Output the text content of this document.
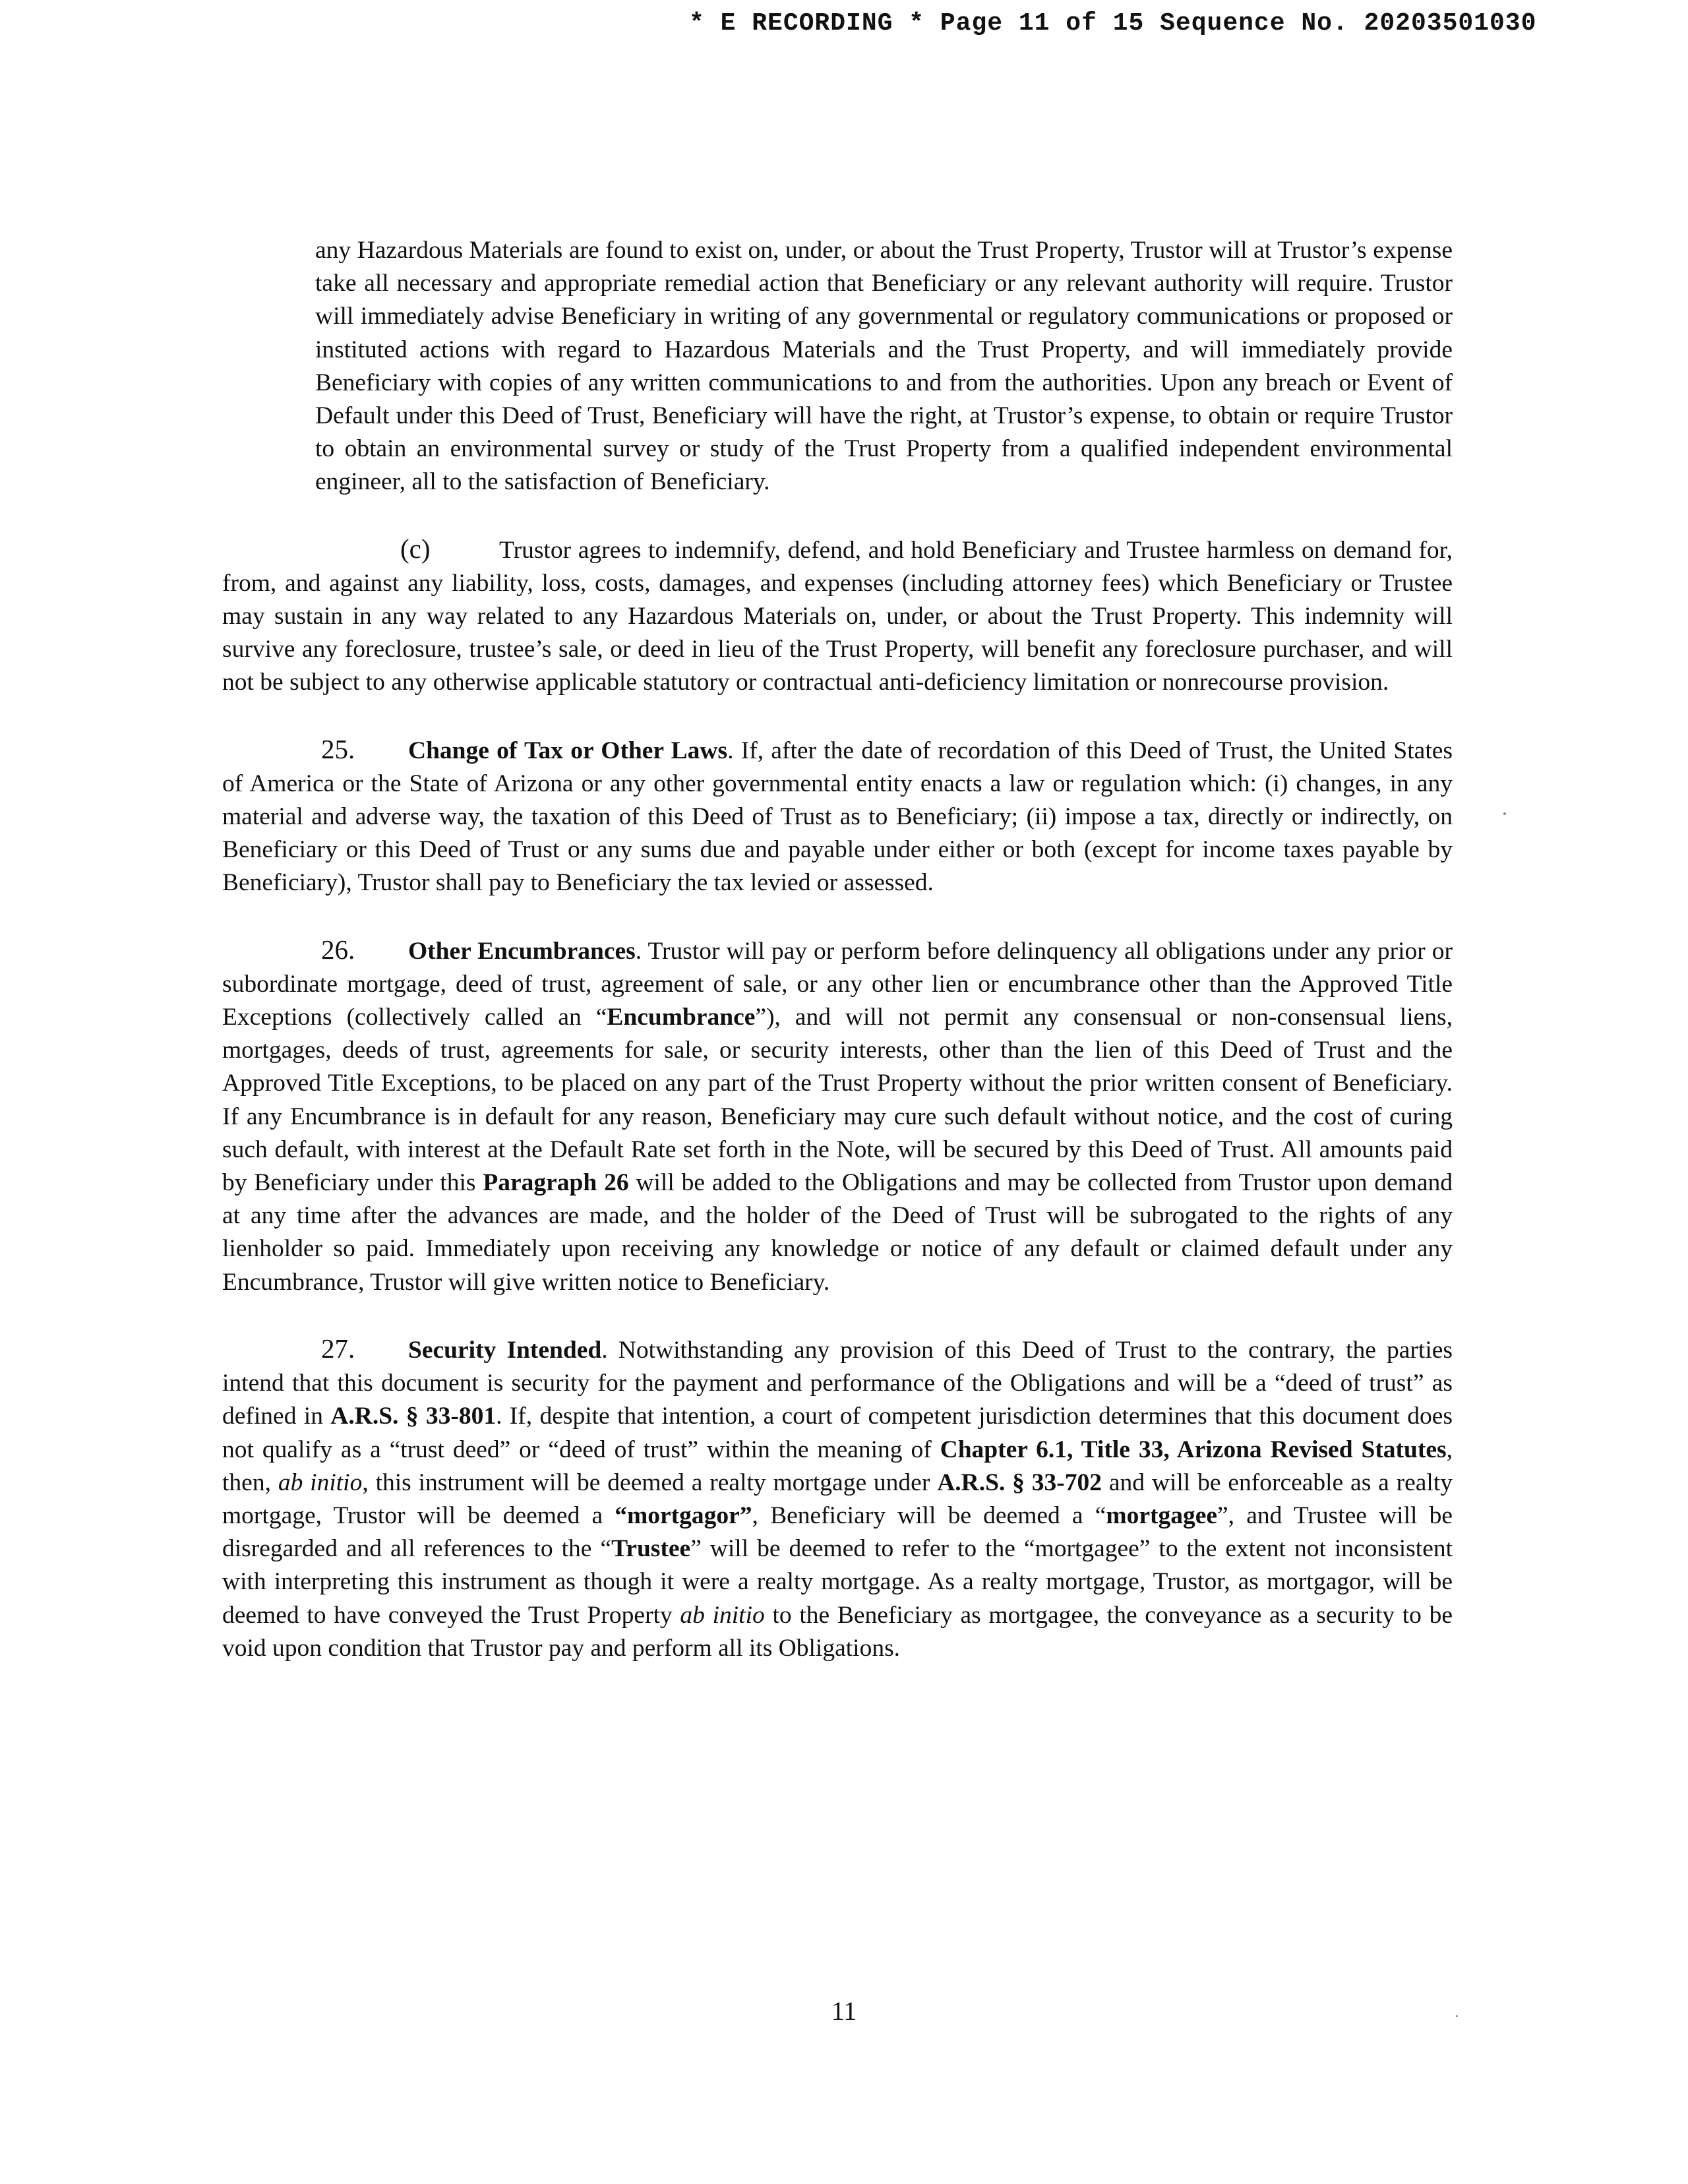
* E RECORDING * Page 11 of 15 Sequence No. 20203501030

any Hazardous Materials are found to exist on, under, or about the Trust Property, Trustor will at Trustor’s expense take all necessary and appropriate remedial action that Beneficiary or any relevant authority will require. Trustor will immediately advise Beneficiary in writing of any governmental or regulatory communications or proposed or instituted actions with regard to Hazardous Materials and the Trust Property, and will immediately provide Beneficiary with copies of any written communications to and from the authorities. Upon any breach or Event of Default under this Deed of Trust, Beneficiary will have the right, at Trustor’s expense, to obtain or require Trustor to obtain an environmental survey or study of the Trust Property from a qualified independent environmental engineer, all to the satisfaction of Beneficiary.

(c)	Trustor agrees to indemnify, defend, and hold Beneficiary and Trustee harmless on demand for, from, and against any liability, loss, costs, damages, and expenses (including attorney fees) which Beneficiary or Trustee may sustain in any way related to any Hazardous Materials on, under, or about the Trust Property. This indemnity will survive any foreclosure, trustee’s sale, or deed in lieu of the Trust Property, will benefit any foreclosure purchaser, and will not be subject to any otherwise applicable statutory or contractual anti-deficiency limitation or nonrecourse provision.

25. Change of Tax or Other Laws. If, after the date of recordation of this Deed of Trust, the United States of America or the State of Arizona or any other governmental entity enacts a law or regulation which: (i) changes, in any material and adverse way, the taxation of this Deed of Trust as to Beneficiary; (ii) impose a tax, directly or indirectly, on Beneficiary or this Deed of Trust or any sums due and payable under either or both (except for income taxes payable by Beneficiary), Trustor shall pay to Beneficiary the tax levied or assessed.

26. Other Encumbrances. Trustor will pay or perform before delinquency all obligations under any prior or subordinate mortgage, deed of trust, agreement of sale, or any other lien or encumbrance other than the Approved Title Exceptions (collectively called an “Encumbrance”), and will not permit any consensual or non-consensual liens, mortgages, deeds of trust, agreements for sale, or security interests, other than the lien of this Deed of Trust and the Approved Title Exceptions, to be placed on any part of the Trust Property without the prior written consent of Beneficiary. If any Encumbrance is in default for any reason, Beneficiary may cure such default without notice, and the cost of curing such default, with interest at the Default Rate set forth in the Note, will be secured by this Deed of Trust. All amounts paid by Beneficiary under this Paragraph 26 will be added to the Obligations and may be collected from Trustor upon demand at any time after the advances are made, and the holder of the Deed of Trust will be subrogated to the rights of any lienholder so paid. Immediately upon receiving any knowledge or notice of any default or claimed default under any Encumbrance, Trustor will give written notice to Beneficiary.

27. Security Intended. Notwithstanding any provision of this Deed of Trust to the contrary, the parties intend that this document is security for the payment and performance of the Obligations and will be a “deed of trust” as defined in A.R.S. § 33-801. If, despite that intention, a court of competent jurisdiction determines that this document does not qualify as a “trust deed” or “deed of trust” within the meaning of Chapter 6.1, Title 33, Arizona Revised Statutes, then, ab initio, this instrument will be deemed a realty mortgage under A.R.S. § 33-702 and will be enforceable as a realty mortgage, Trustor will be deemed a “mortgagor”, Beneficiary will be deemed a “mortgagee”, and Trustee will be disregarded and all references to the “Trustee” will be deemed to refer to the “mortgagee” to the extent not inconsistent with interpreting this instrument as though it were a realty mortgage. As a realty mortgage, Trustor, as mortgagor, will be deemed to have conveyed the Trust Property ab initio to the Beneficiary as mortgagee, the conveyance as a security to be void upon condition that Trustor pay and perform all its Obligations.

11
